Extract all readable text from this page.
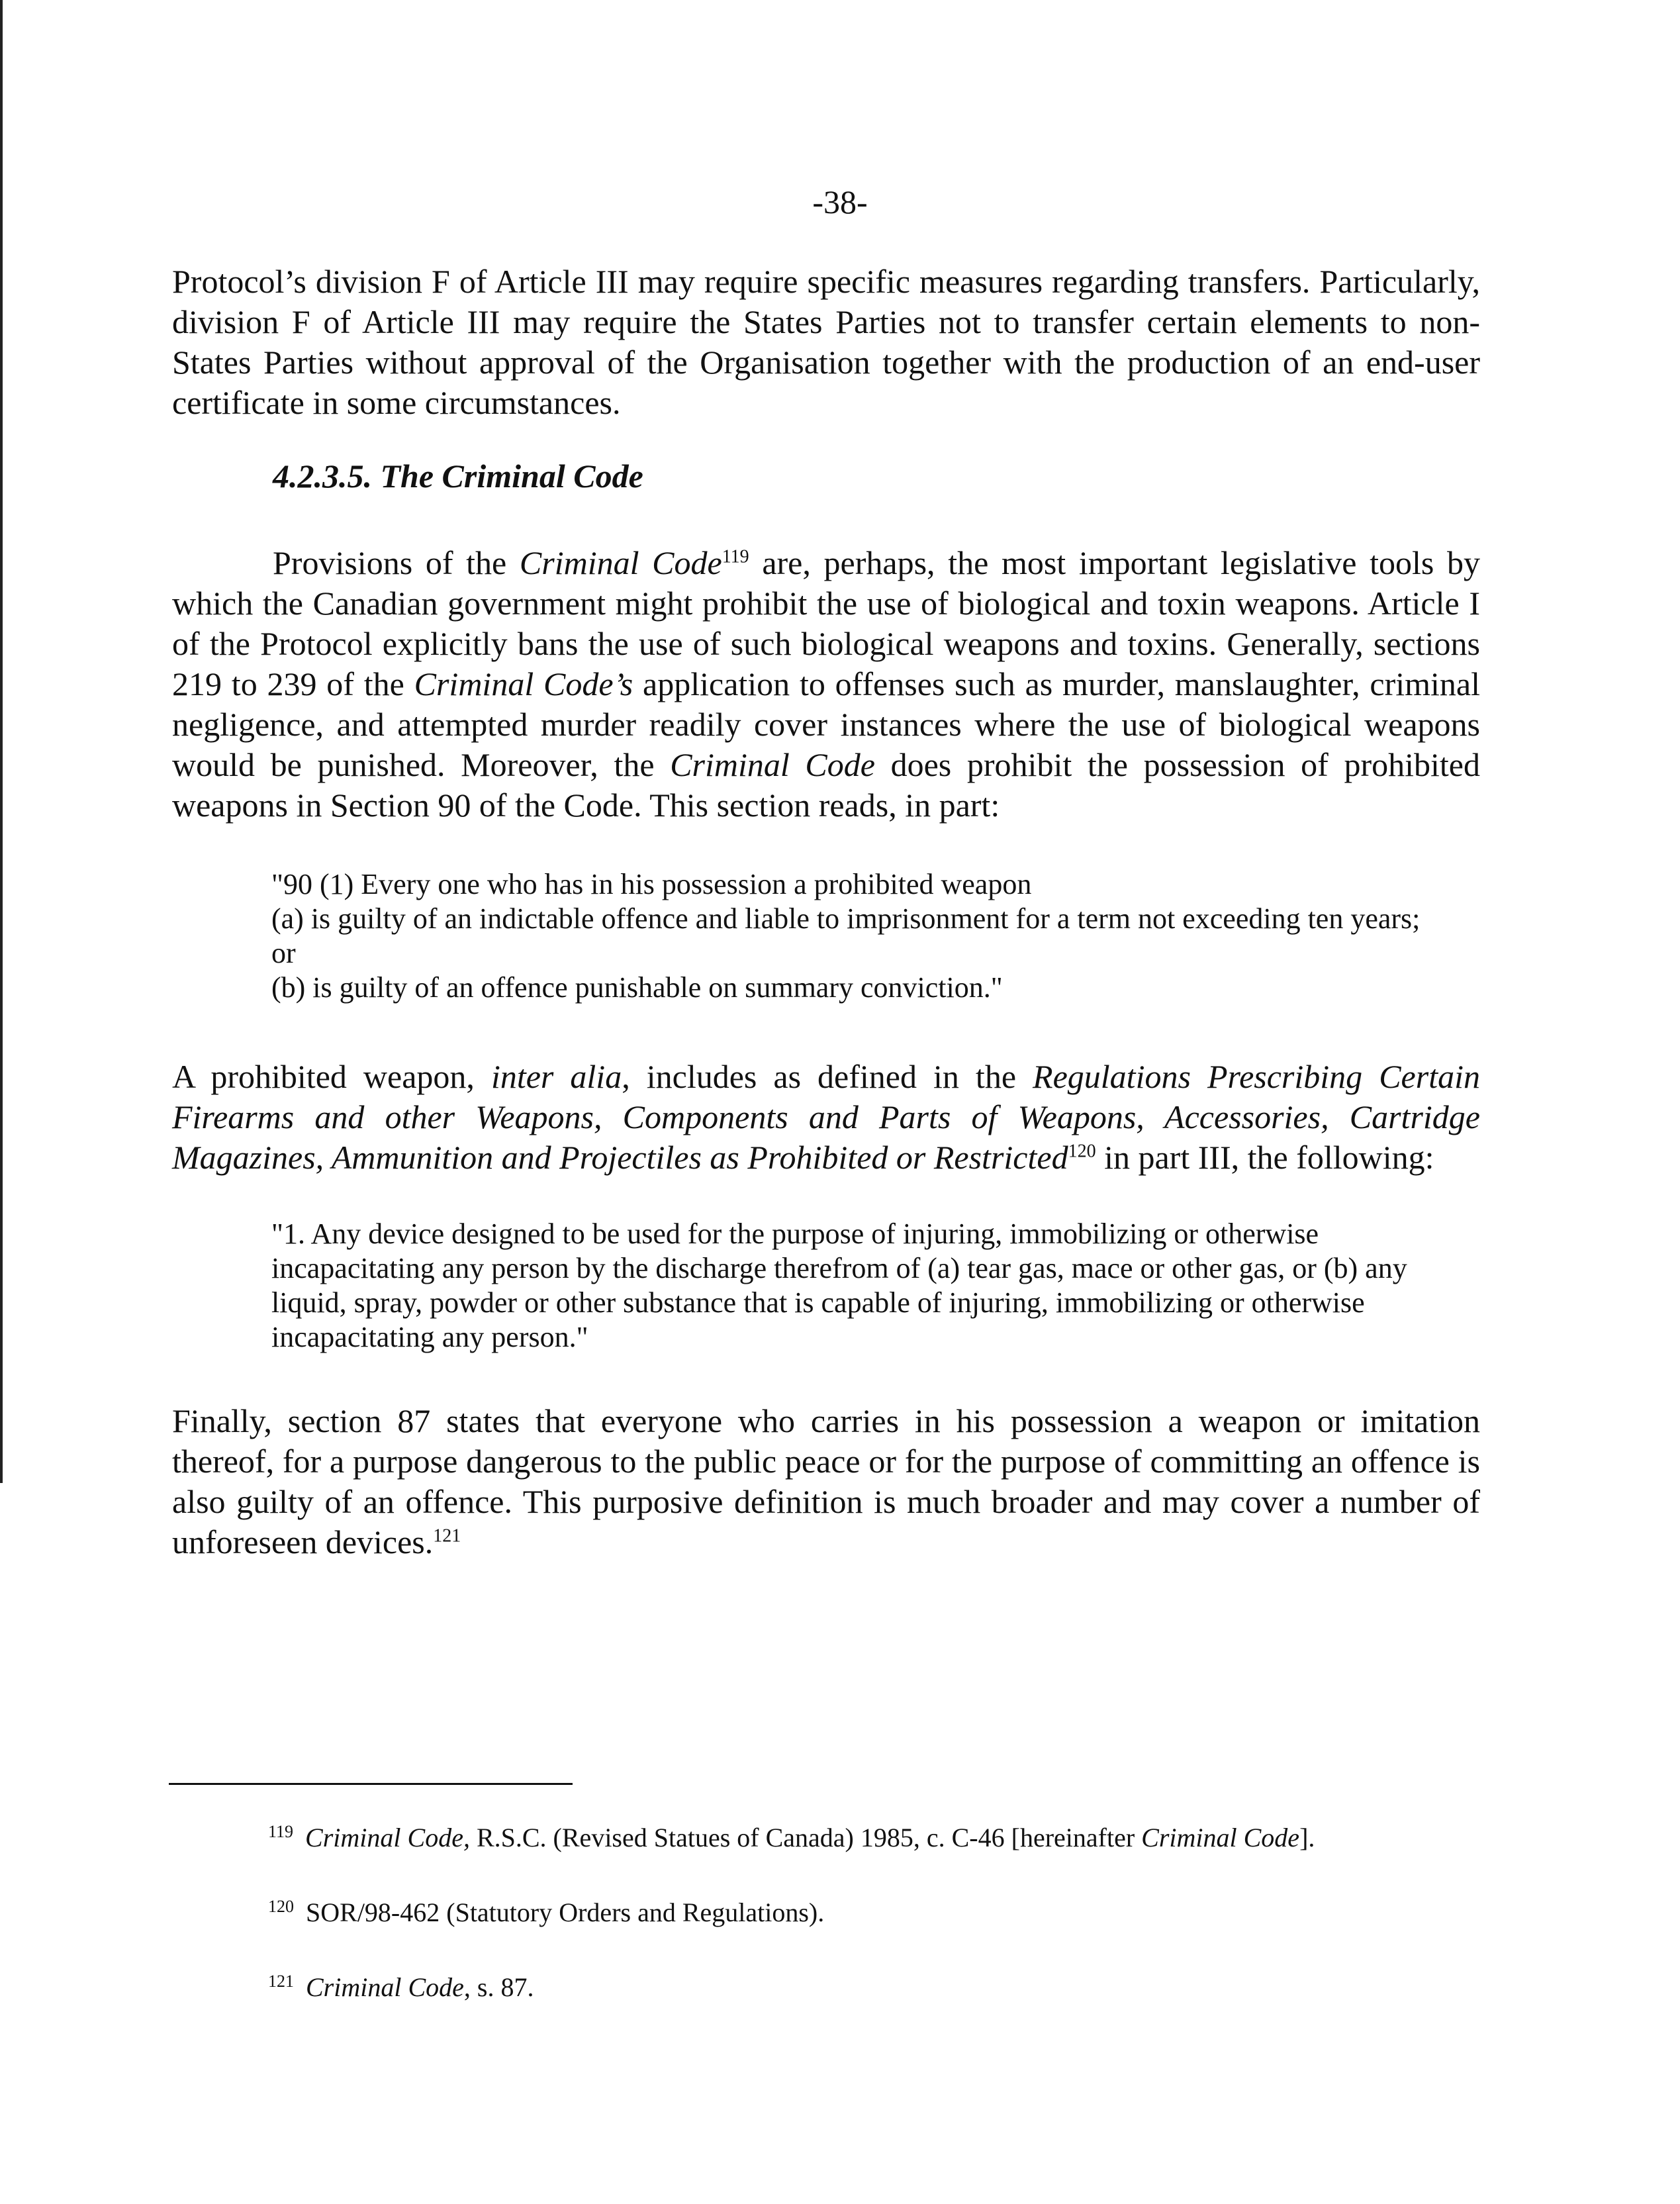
-38-

Protocol’s division F of Article III may require specific measures regarding transfers. Particularly, division F of Article III may require the States Parties not to transfer certain elements to non-States Parties without approval of the Organisation together with the production of an end-user certificate in some circumstances.

4.2.3.5. The Criminal Code

Provisions of the Criminal Code$^{119}$ are, perhaps, the most important legislative tools by which the Canadian government might prohibit the use of biological and toxin weapons. Article I of the Protocol explicitly bans the use of such biological weapons and toxins. Generally, sections 219 to 239 of the Criminal Code’s application to offenses such as murder, manslaughter, criminal negligence, and attempted murder readily cover instances where the use of biological weapons would be punished. Moreover, the Criminal Code does prohibit the possession of prohibited weapons in Section 90 of the Code. This section reads, in part:

"90 (1) Every one who has in his possession a prohibited weapon
(a) is guilty of an indictable offence and liable to imprisonment for a term not exceeding ten years; or
(b) is guilty of an offence punishable on summary conviction."

A prohibited weapon, inter alia, includes as defined in the Regulations Prescribing Certain Firearms and other Weapons, Components and Parts of Weapons, Accessories, Cartridge Magazines, Ammunition and Projectiles as Prohibited or Restricted$^{120}$ in part III, the following:

"1. Any device designed to be used for the purpose of injuring, immobilizing or otherwise incapacitating any person by the discharge therefrom of (a) tear gas, mace or other gas, or (b) any liquid, spray, powder or other substance that is capable of injuring, immobilizing or otherwise incapacitating any person."

Finally, section 87 states that everyone who carries in his possession a weapon or imitation thereof, for a purpose dangerous to the public peace or for the purpose of committing an offence is also guilty of an offence. This purposive definition is much broader and may cover a number of unforeseen devices.$^{121}$

$^{119}$ Criminal Code, R.S.C. (Revised Statues of Canada) 1985, c. C-46 [hereinafter Criminal Code].

$^{120}$ SOR/98-462 (Statutory Orders and Regulations).

$^{121}$ Criminal Code, s. 87.
